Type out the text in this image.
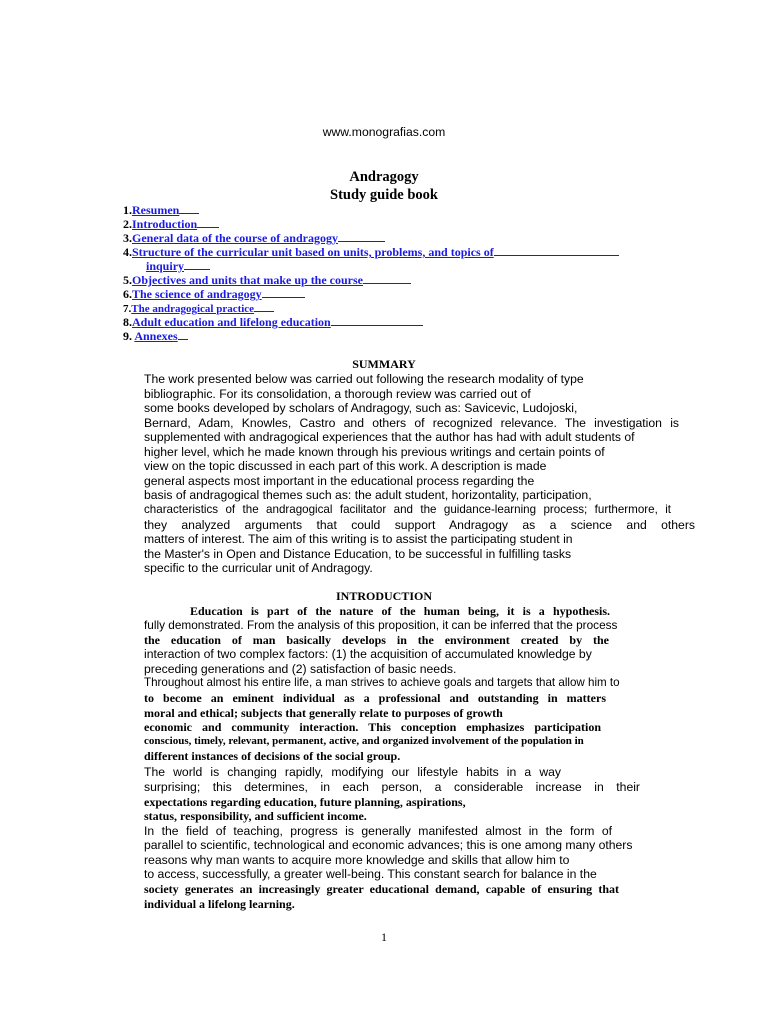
www.monografias.com
Andragogy
Study guide book
1.Resumen
2.Introduction
3.General data of the course of andragogy
4.Structure of the curricular unit based on units, problems, and topics of
inquiry
5.Objectives and units that make up the course
6.The science of andragogy
7.The andragogical practice
8.Adult education and lifelong education
9. Annexes
SUMMARY
The work presented below was carried out following the research modality of type
bibliographic. For its consolidation, a thorough review was carried out of
some books developed by scholars of Andragogy, such as: Savicevic, Ludojoski,
Bernard, Adam, Knowles, Castro and others of recognized relevance. The investigation is
supplemented with andragogical experiences that the author has had with adult students of
higher level, which he made known through his previous writings and certain points of
view on the topic discussed in each part of this work. A description is made
general aspects most important in the educational process regarding the
basis of andragogical themes such as: the adult student, horizontality, participation,
characteristics of the andragogical facilitator and the guidance-learning process; furthermore, it
they analyzed arguments that could support Andragogy as a science and others
matters of interest. The aim of this writing is to assist the participating student in
the Master's in Open and Distance Education, to be successful in fulfilling tasks
specific to the curricular unit of Andragogy.
INTRODUCTION
Education is part of the nature of the human being, it is a hypothesis.
fully demonstrated. From the analysis of this proposition, it can be inferred that the process
the education of man basically develops in the environment created by the
interaction of two complex factors: (1) the acquisition of accumulated knowledge by
preceding generations and (2) satisfaction of basic needs.
Throughout almost his entire life, a man strives to achieve goals and targets that allow him to
to become an eminent individual as a professional and outstanding in matters
moral and ethical; subjects that generally relate to purposes of growth
economic and community interaction. This conception emphasizes participation
conscious, timely, relevant, permanent, active, and organized involvement of the population in
different instances of decisions of the social group.
The world is changing rapidly, modifying our lifestyle habits in a way
surprising; this determines, in each person, a considerable increase in their
expectations regarding education, future planning, aspirations,
status, responsibility, and sufficient income.
In the field of teaching, progress is generally manifested almost in the form of
parallel to scientific, technological and economic advances; this is one among many others
reasons why man wants to acquire more knowledge and skills that allow him to
to access, successfully, a greater well-being. This constant search for balance in the
society generates an increasingly greater educational demand, capable of ensuring that
individual a lifelong learning.
1
